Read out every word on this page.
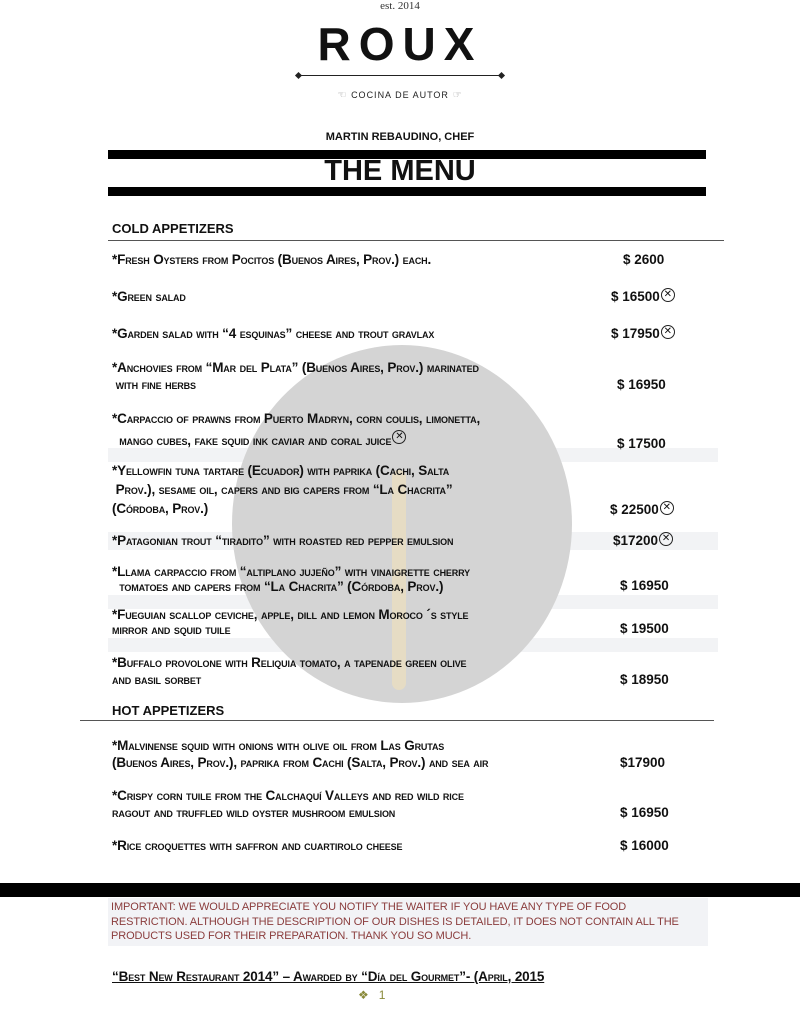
est. 2014
ROUX
☜ COCINA DE AUTOR ☞
MARTIN REBAUDINO, CHEF
THE MENU
COLD APPETIZERS
HOT APPETIZERS
*Fresh Oysters from Pocitos (Buenos Aires, Prov.) each.	$ 2600
*Green salad	$ 16500 ✕
*Garden salad with “4 esquinas” cheese and trout gravlax	$ 17950 ✕
*Anchovies from “Mar del Plata” (Buenos Aires, Prov.) marinated
with fine herbs	$ 16950
*Carpaccio of prawns from Puerto Madryn, corn coulis, limonetta,
mango cubes, fake squid ink caviar and coral juice ✕	$ 17500
*Yellowfin tuna tartare (Ecuador) with paprika (Cachi, Salta
Prov.), sesame oil, capers and big capers from “La Chacrita”
(Córdoba, Prov.)	$ 22500 ✕
*Patagonian trout “tiradito” with roasted red pepper emulsion	$17200 ✕
*Llama carpaccio from “altiplano jujeño” with vinaigrette cherry
tomatoes and capers from “La Chacrita” (Córdoba, Prov.)	$ 16950
*Fueguian scallop ceviche, apple, dill and lemon Moroco ´s style
mirror and squid tuile	$ 19500
*Buffalo provolone with Reliquia tomato, a tapenade green olive
and basil sorbet	$ 18950
*Malvinense squid with onions with olive oil from Las Grutas
(Buenos Aires, Prov.), paprika from Cachi (Salta, Prov.) and sea air	$17900
*Crispy corn tuile from the Calchaquí Valleys and red wild rice
ragout and truffled wild oyster mushroom emulsion	$ 16950
*Rice croquettes with saffron and cuartirolo cheese	$ 16000
IMPORTANT: WE WOULD APPRECIATE YOU NOTIFY THE WAITER IF YOU HAVE ANY TYPE OF FOOD RESTRICTION. ALTHOUGH THE DESCRIPTION OF OUR DISHES IS DETAILED, IT DOES NOT CONTAIN ALL THE PRODUCTS USED FOR THEIR PREPARATION. THANK YOU SO MUCH.
“Best New Restaurant 2014” – Awarded by “Día del Gourmet”- (April, 2015
❖ 1
